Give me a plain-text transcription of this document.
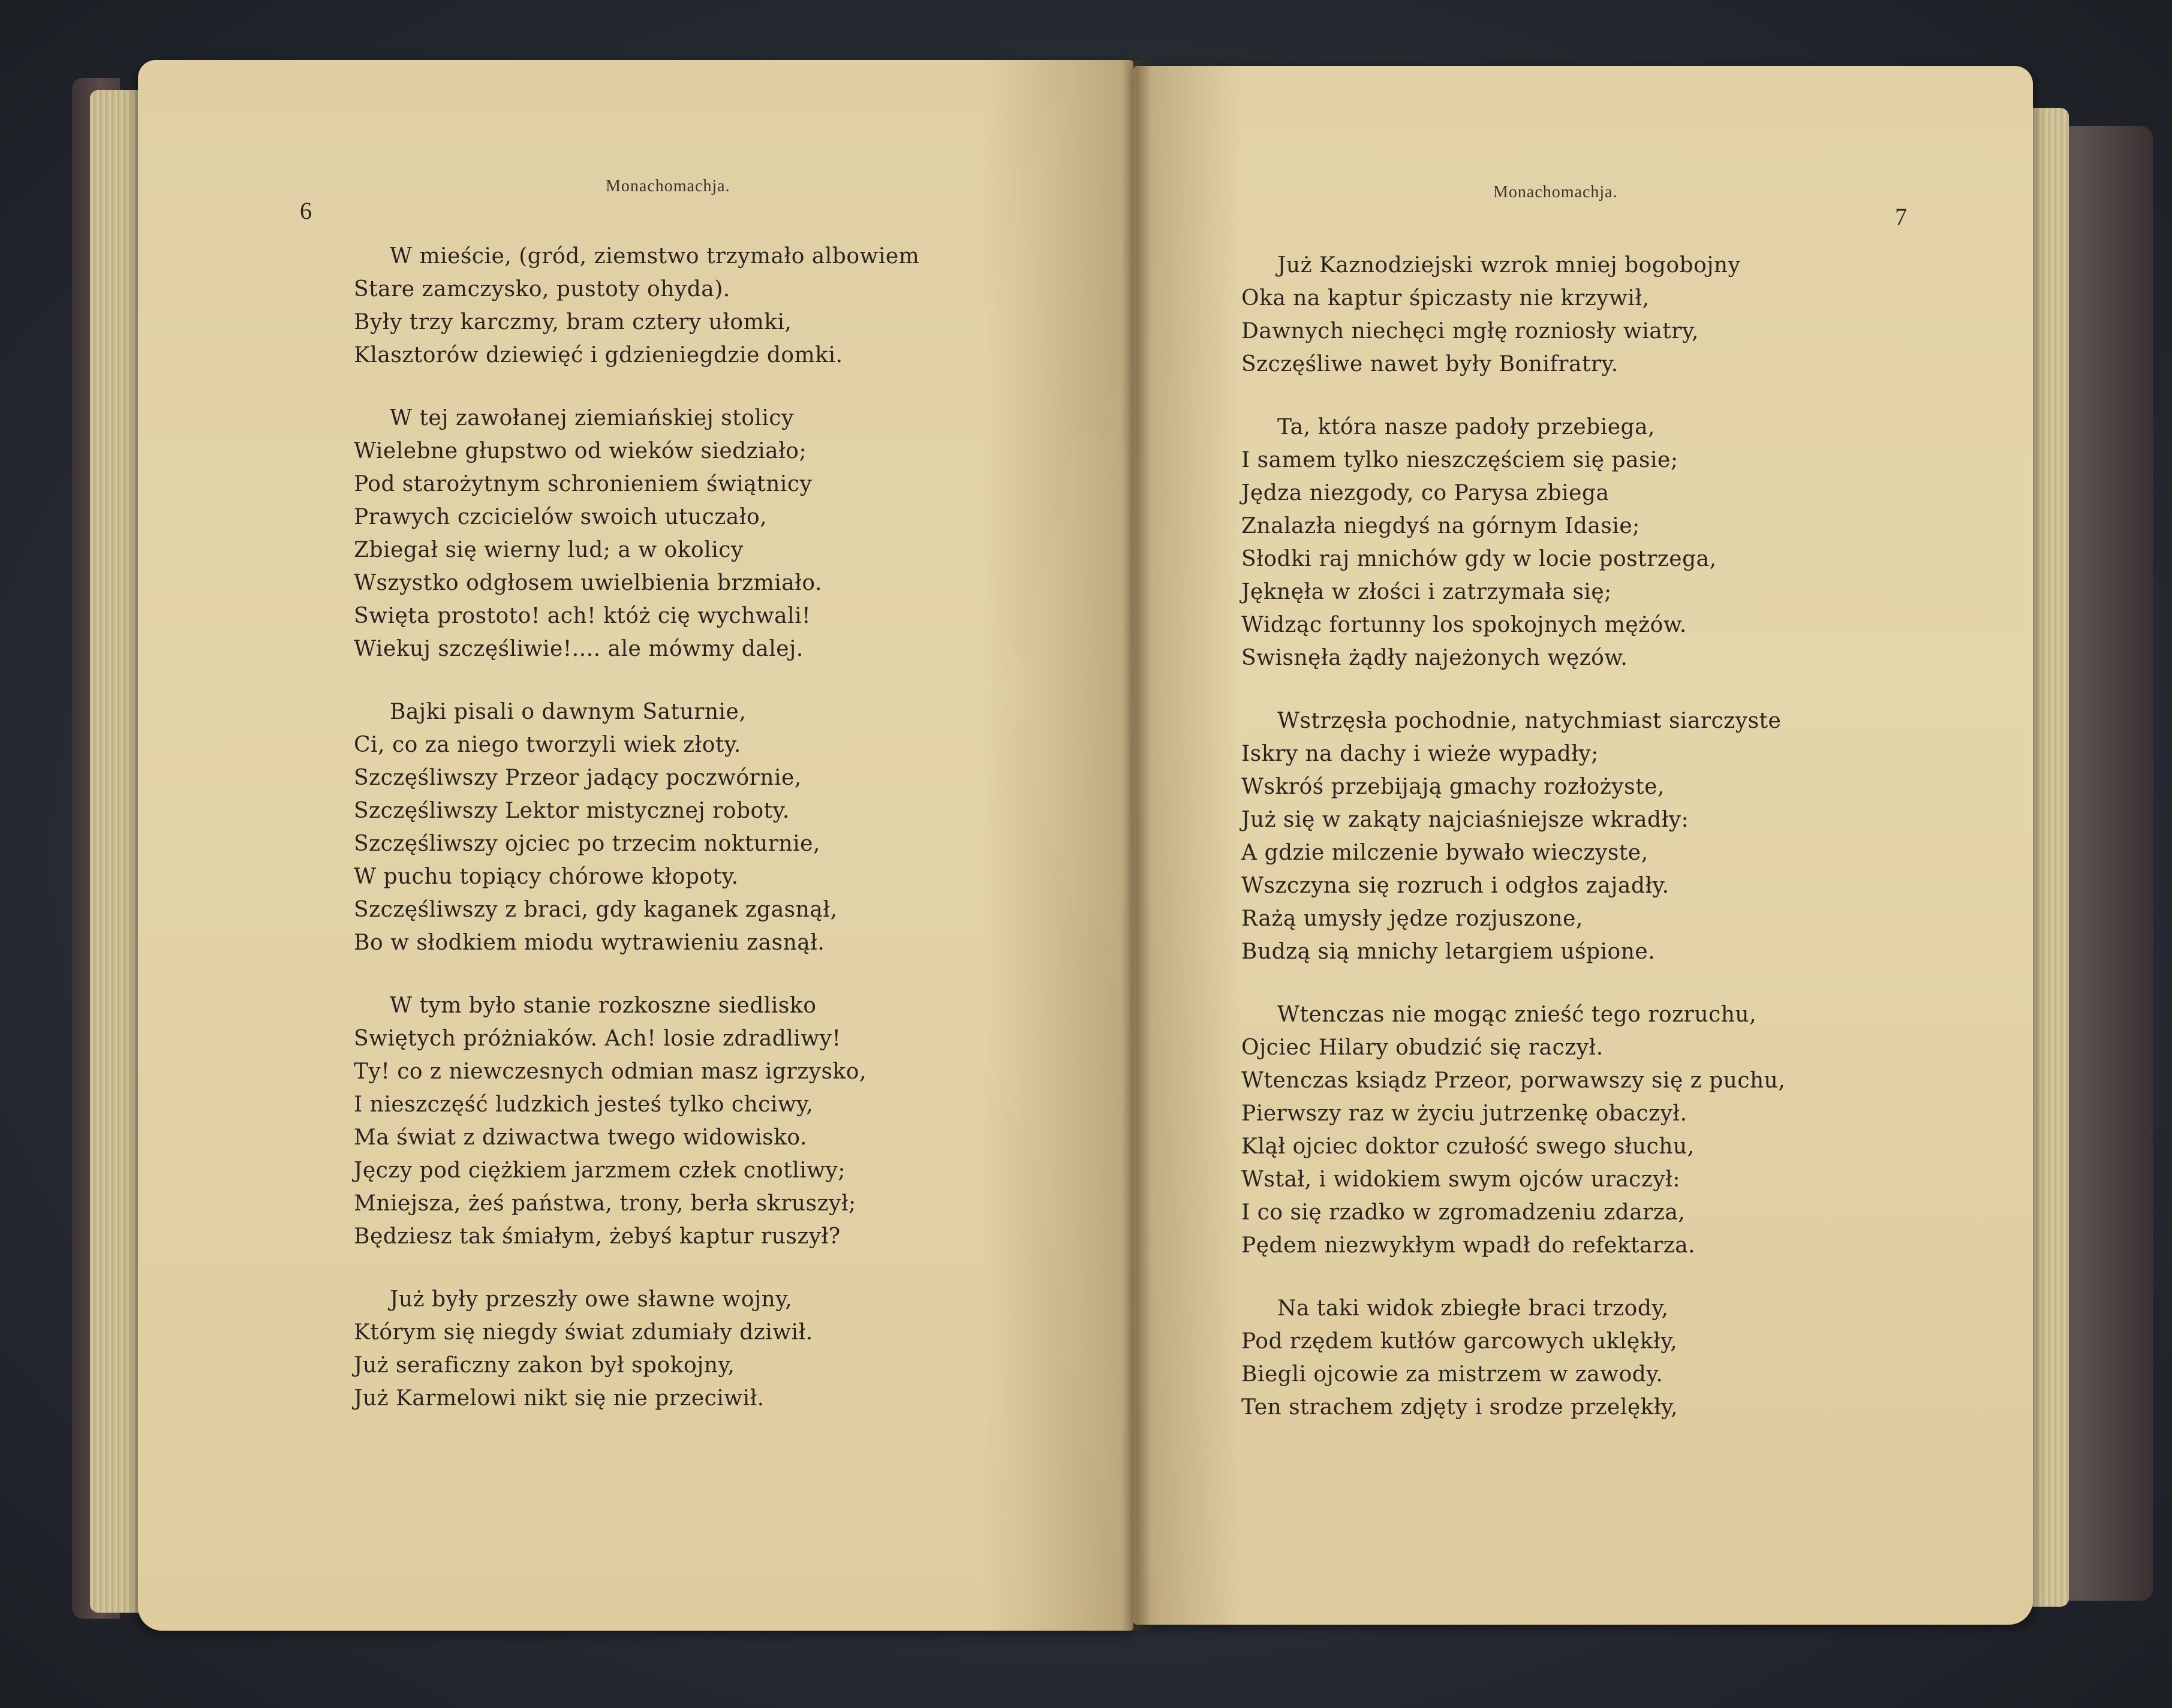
6
Monachomachja.
W mieście, (gród, ziemstwo trzymało albowiem
Stare zamczysko, pustoty ohyda).
Były trzy karczmy, bram cztery ułomki,
Klasztorów dziewięć i gdzieniegdzie domki.
W tej zawołanej ziemiańskiej stolicy
Wielebne głupstwo od wieków siedziało;
Pod starożytnym schronieniem świątnicy
Prawych czcicielów swoich utuczało,
Zbiegał się wierny lud; a w okolicy
Wszystko odgłosem uwielbienia brzmiało.
Swięta prostoto! ach! któż cię wychwali!
Wiekuj szczęśliwie!.... ale mówmy dalej.
Bajki pisali o dawnym Saturnie,
Ci, co za niego tworzyli wiek złoty.
Szczęśliwszy Przeor jadący poczwórnie,
Szczęśliwszy Lektor mistycznej roboty.
Szczęśliwszy ojciec po trzecim nokturnie,
W puchu topiący chórowe kłopoty.
Szczęśliwszy z braci, gdy kaganek zgasnął,
Bo w słodkiem miodu wytrawieniu zasnął.
W tym było stanie rozkoszne siedlisko
Swiętych próżniaków. Ach! losie zdradliwy!
Ty! co z niewczesnych odmian masz igrzysko,
I nieszczęść ludzkich jesteś tylko chciwy,
Ma świat z dziwactwa twego widowisko.
Jęczy pod ciężkiem jarzmem człek cnotliwy;
Mniejsza, żeś państwa, trony, berła skruszył;
Będziesz tak śmiałym, żebyś kaptur ruszył?
Już były przeszły owe sławne wojny,
Którym się niegdy świat zdumiały dziwił.
Już seraficzny zakon był spokojny,
Już Karmelowi nikt się nie przeciwił.
Monachomachja.
7
Już Kaznodziejski wzrok mniej bogobojny
Oka na kaptur śpiczasty nie krzywił,
Dawnych niechęci mgłę rozniosły wiatry,
Szczęśliwe nawet były Bonifratry.
Ta, która nasze padoły przebiega,
I samem tylko nieszczęściem się pasie;
Jędza niezgody, co Parysa zbiega
Znalazła niegdyś na górnym Idasie;
Słodki raj mnichów gdy w locie postrzega,
Jęknęła w złości i zatrzymała się;
Widząc fortunny los spokojnych mężów.
Swisnęła żądły najeżonych węzów.
Wstrzęsła pochodnie, natychmiast siarczyste
Iskry na dachy i wieże wypadły;
Wskróś przebijają gmachy rozłożyste,
Już się w zakąty najciaśniejsze wkradły:
A gdzie milczenie bywało wieczyste,
Wszczyna się rozruch i odgłos zajadły.
Rażą umysły jędze rozjuszone,
Budzą sią mnichy letargiem uśpione.
Wtenczas nie mogąc znieść tego rozruchu,
Ojciec Hilary obudzić się raczył.
Wtenczas ksiądz Przeor, porwawszy się z puchu,
Pierwszy raz w życiu jutrzenkę obaczył.
Klął ojciec doktor czułość swego słuchu,
Wstał, i widokiem swym ojców uraczył:
I co się rzadko w zgromadzeniu zdarza,
Pędem niezwykłym wpadł do refektarza.
Na taki widok zbiegłe braci trzody,
Pod rzędem kutłów garcowych uklękły,
Biegli ojcowie za mistrzem w zawody.
Ten strachem zdjęty i srodze przelękły,
